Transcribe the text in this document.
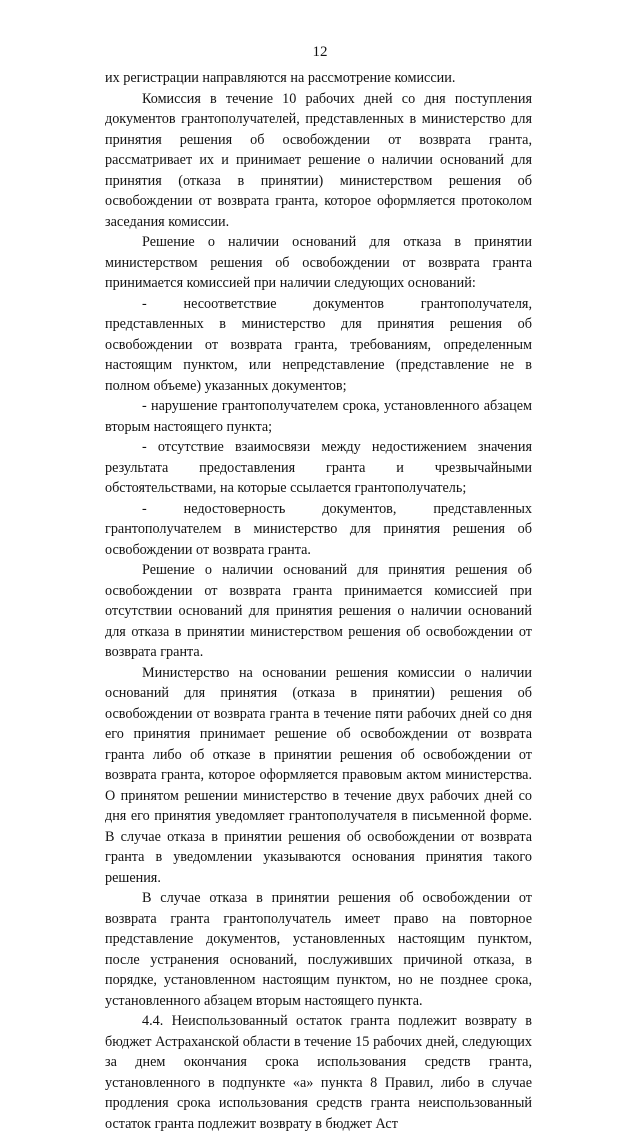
12

их регистрации направляются на рассмотрение комиссии.

Комиссия в течение 10 рабочих дней со дня поступления документов грантополучателей, представленных в министерство для принятия решения об освобождении от возврата гранта, рассматривает их и принимает решение о наличии оснований для принятия (отказа в принятии) министерством решения об освобождении от возврата гранта, которое оформляется протоколом заседания комиссии.

Решение о наличии оснований для отказа в принятии министерством решения об освобождении от возврата гранта принимается комиссией при наличии следующих оснований:

- несоответствие документов грантополучателя, представленных в министерство для принятия решения об освобождении от возврата гранта, требованиям, определенным настоящим пунктом, или непредставление (представление не в полном объеме) указанных документов;

- нарушение грантополучателем срока, установленного абзацем вторым настоящего пункта;

- отсутствие взаимосвязи между недостижением значения результата предоставления гранта и чрезвычайными обстоятельствами, на которые ссылается грантополучатель;

- недостоверность документов, представленных грантополучателем в министерство для принятия решения об освобождении от возврата гранта.

Решение о наличии оснований для принятия решения об освобождении от возврата гранта принимается комиссией при отсутствии оснований для принятия решения о наличии оснований для отказа в принятии министерством решения об освобождении от возврата гранта.

Министерство на основании решения комиссии о наличии оснований для принятия (отказа в принятии) решения об освобождении от возврата гранта в течение пяти рабочих дней со дня его принятия принимает решение об освобождении от возврата гранта либо об отказе в принятии решения об освобождении от возврата гранта, которое оформляется правовым актом министерства. О принятом решении министерство в течение двух рабочих дней со дня его принятия уведомляет грантополучателя в письменной форме. В случае отказа в принятии решения об освобождении от возврата гранта в уведомлении указываются основания принятия такого решения.

В случае отказа в принятии решения об освобождении от возврата гранта грантополучатель имеет право на повторное представление документов, установленных настоящим пунктом, после устранения оснований, послуживших причиной отказа, в порядке, установленном настоящим пунктом, но не позднее срока, установленного абзацем вторым настоящего пункта.

4.4. Неиспользованный остаток гранта подлежит возврату в бюджет Астраханской области в течение 15 рабочих дней, следующих за днем окончания срока использования средств гранта, установленного в подпункте «а» пункта 8 Правил, либо в случае продления срока использования средств гранта неиспользованный остаток гранта подлежит возврату в бюджет Аст
